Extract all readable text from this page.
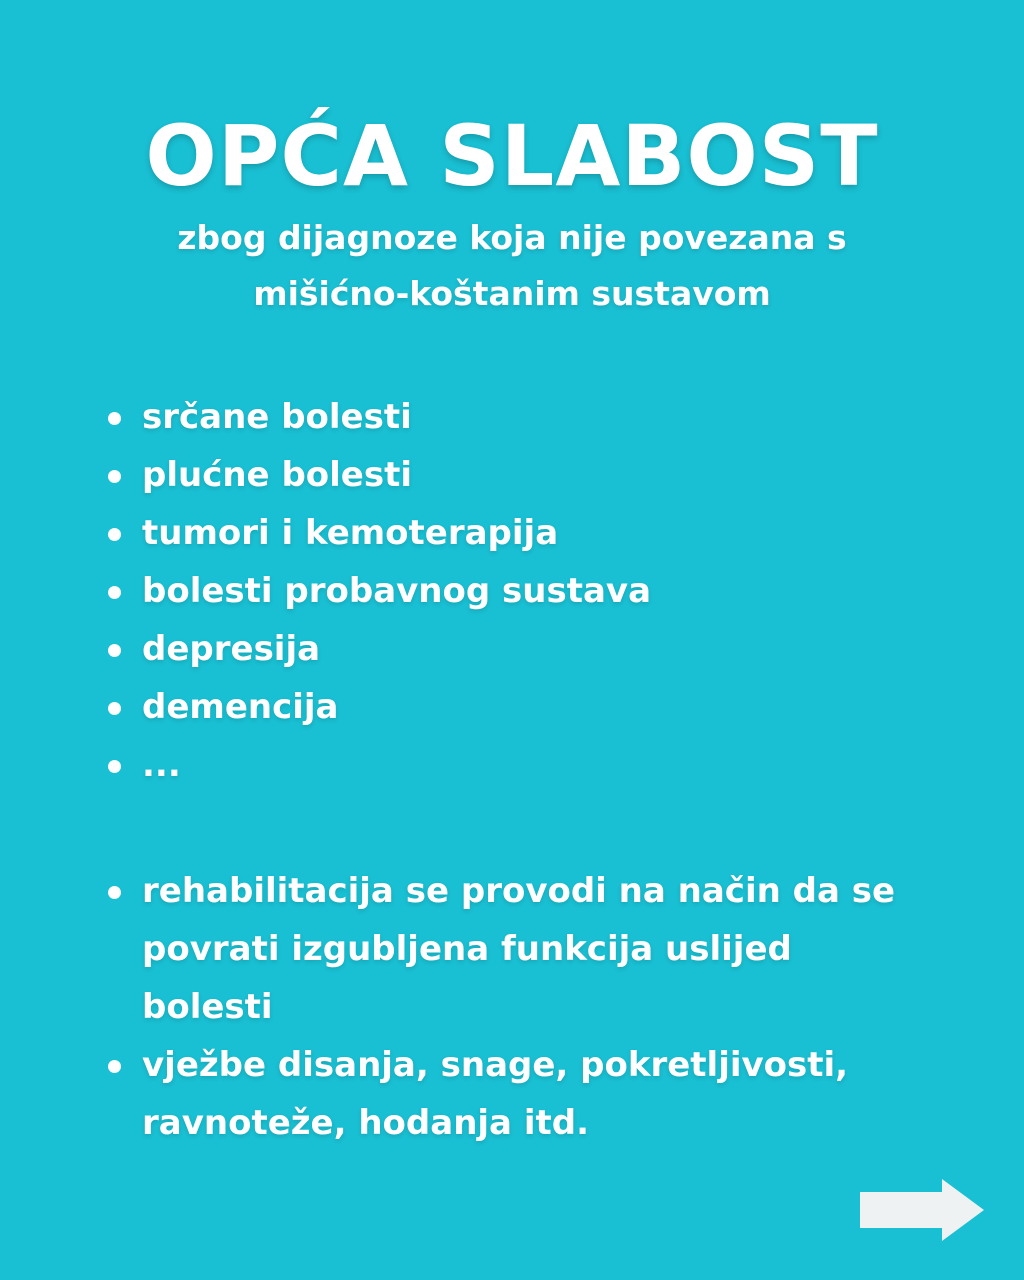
OPĆA SLABOST
zbog dijagnoze koja nije povezana s mišićno-koštanim sustavom
srčane bolesti
plućne bolesti
tumori i kemoterapija
bolesti probavnog sustava
depresija
demencija
...
rehabilitacija se provodi na način da se povrati izgubljena funkcija uslijed bolesti
vježbe disanja, snage, pokretljivosti, ravnoteže, hodanja itd.
